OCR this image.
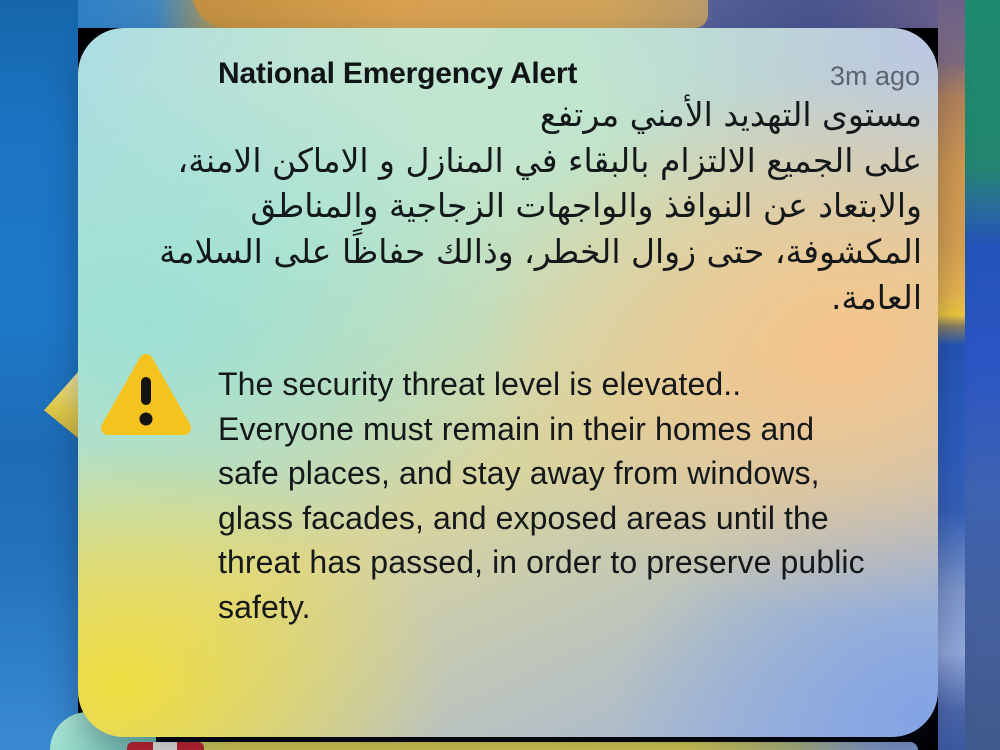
National Emergency Alert	3m ago
مستوى التهديد الأمني مرتفع
على الجميع الالتزام بالبقاء في المنازل و الاماكن الامنة،
والابتعاد عن النوافذ والواجهات الزجاجية والمناطق
المكشوفة، حتى زوال الخطر، وذالك حفاظًا على السلامة
العامة.
The security threat level is elevated..
Everyone must remain in their homes and
safe places, and stay away from windows,
glass facades, and exposed areas until the
threat has passed, in order to preserve public
safety.
